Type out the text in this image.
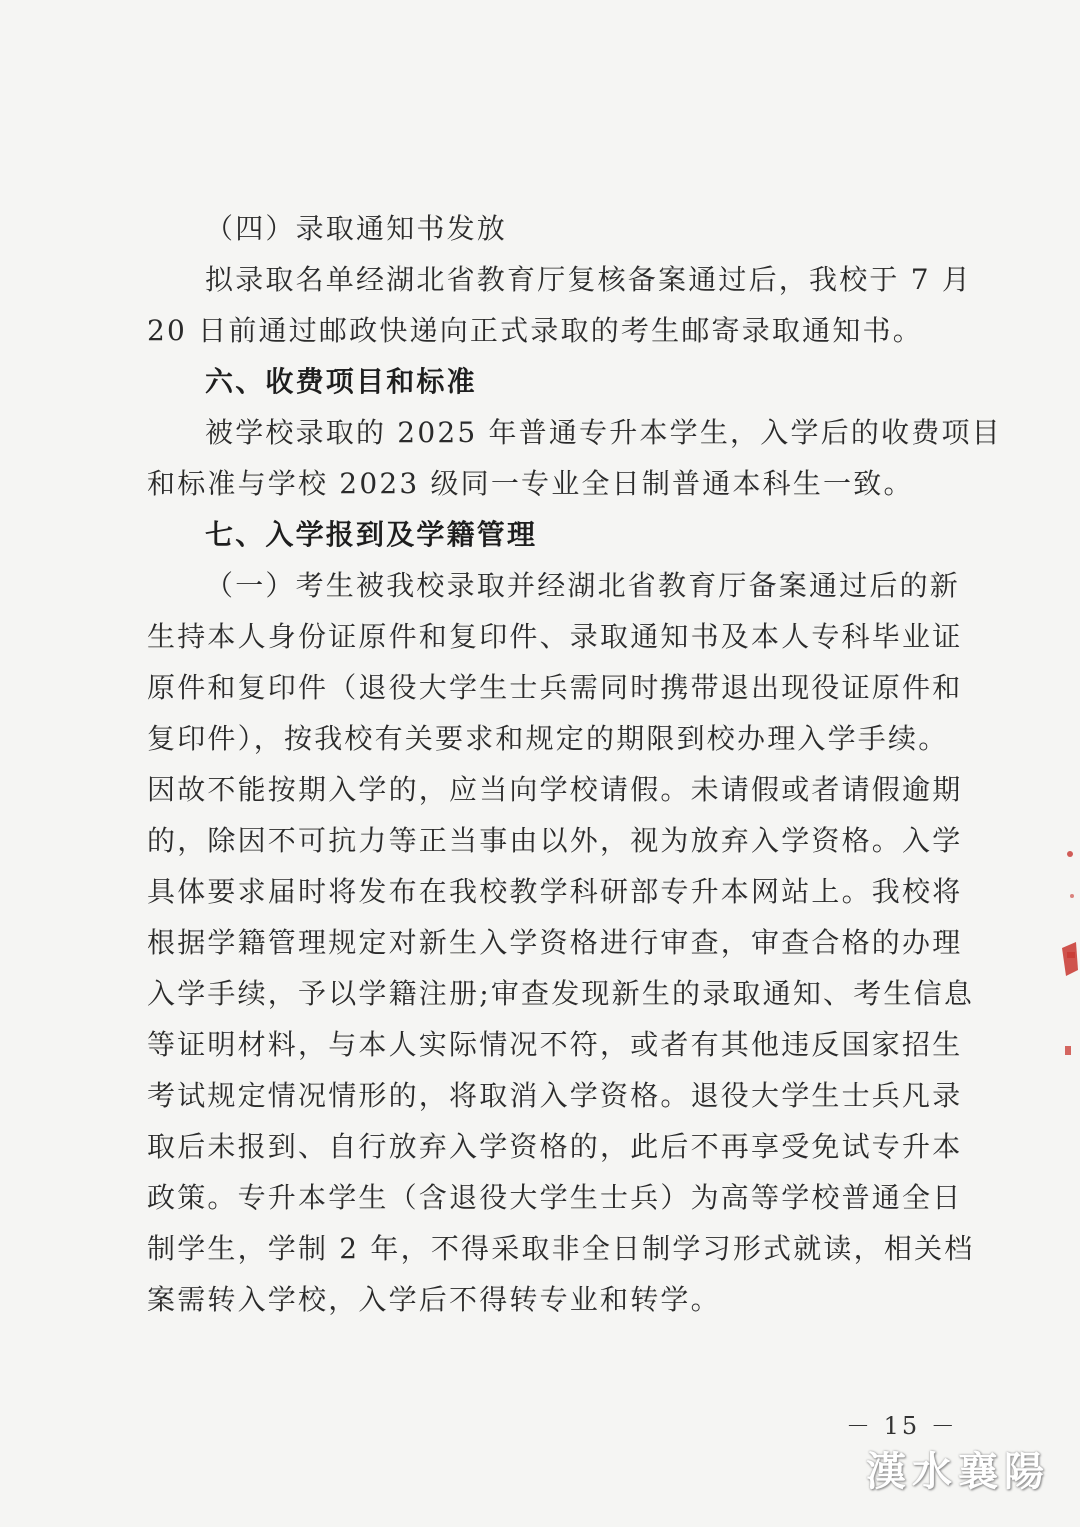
（四）录取通知书发放
拟录取名单经湖北省教育厅复核备案通过后，我校于 7 月
20 日前通过邮政快递向正式录取的考生邮寄录取通知书。
六、收费项目和标准
被学校录取的 2025 年普通专升本学生，入学后的收费项目
和标准与学校 2023 级同一专业全日制普通本科生一致。
七、入学报到及学籍管理
（一）考生被我校录取并经湖北省教育厅备案通过后的新
生持本人身份证原件和复印件、录取通知书及本人专科毕业证
原件和复印件（退役大学生士兵需同时携带退出现役证原件和
复印件），按我校有关要求和规定的期限到校办理入学手续。
因故不能按期入学的，应当向学校请假。未请假或者请假逾期
的，除因不可抗力等正当事由以外，视为放弃入学资格。入学
具体要求届时将发布在我校教学科研部专升本网站上。我校将
根据学籍管理规定对新生入学资格进行审查，审查合格的办理
入学手续，予以学籍注册;审查发现新生的录取通知、考生信息
等证明材料，与本人实际情况不符，或者有其他违反国家招生
考试规定情况情形的，将取消入学资格。退役大学生士兵凡录
取后未报到、自行放弃入学资格的，此后不再享受免试专升本
政策。专升本学生（含退役大学生士兵）为高等学校普通全日
制学生，学制 2 年，不得采取非全日制学习形式就读，相关档
案需转入学校，入学后不得转专业和转学。
－ 15 －
漢水襄陽
